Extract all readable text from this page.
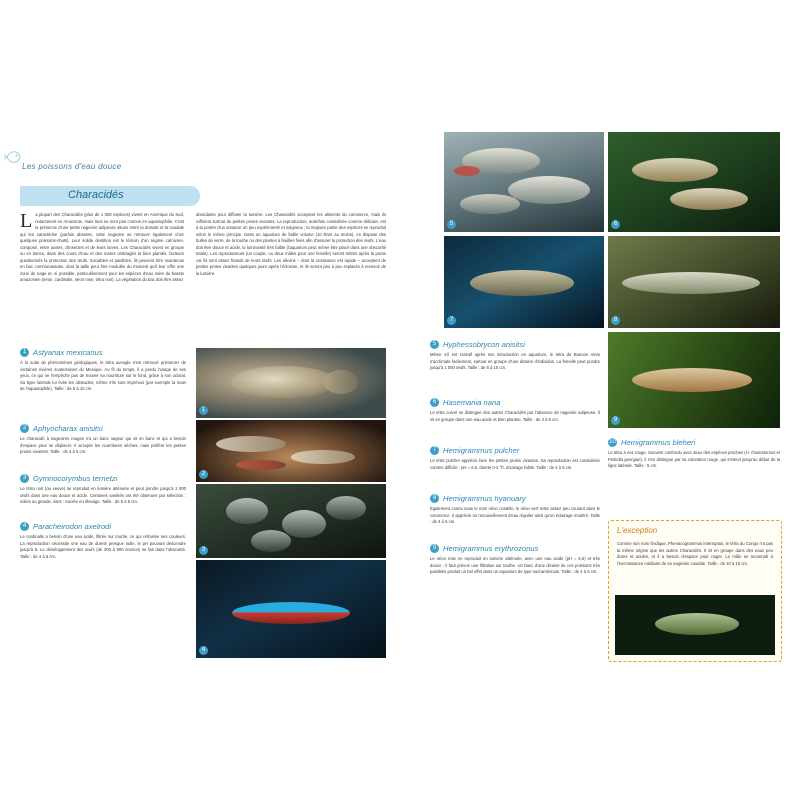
Les poissons d'eau douce
Characidés
L a plupart des Characidés (plus de 1 000 espèces) vivent en Amérique du Sud, notamment en Amazonie, mais tous ne sont pas connus en aquariophilie. C'est la présence d'une petite nageoire adipeuse située entre la dorsale et la caudale qui les caractérise (parfois absente, cette nageoire se retrouve également chez quelques poissons-chats). Leur solide dentition est le témoin d'un régime carnivore, composé, entre autres, d'insectes et de leurs larves. Les Characidés vivent en groupe ou en bancs, dans des cours d'eau et des mares ombragés et bien plantés, facteurs questionnés la protection des œufs. Sociables et paisibles, ils peuvent être maintenus en bac communautaire, dont la taille peut être modulée du moment qu'il leur offre une zone de nage et, si possible, particulièrement pour les espèces d'eau noire du bassin amazonien (néon, cardinalis, néon rose, tétra noir). La végétation du bac doit être assez
abondante pour diffuser la lumière. Les Characidés acceptent les aliments du commerce, mais ils raffolent surtout de petites proies vivantes. La reproduction, autrefois considérée comme délicate, est à la portée d'un amateur un peu expérimenté et soigneux ; la majeure partie des espèces se reproduit selon le même principe. Dans un aquarium de faible volume (10 litres au moins), en dispose des bulles de verre, de la tourbe ou des plantes à feuilles fines afin d'assurer la protection des œufs. L'eau doit être douce et acide, la luminosité très faible (l'aquarium peut même être placé dans une obscurité totale). Les reproducteurs (un couple, ou deux mâles pour une femelle) seront retirés après la ponte car ils sont assez friands de leurs œufs. Les alevins – dont la croissance est rapide – acceptent de petites proies vivantes quelques jours après l'éclosion, et ils seront peu à peu replacés à recevoir de la lumière.
1 Astyanax mexicanus
À la suite de phénomènes géologiques, le tétra aveugle s'est retrouvé prisonnier de certaines rivières souterraines du Mexique. Au fil du temps, il a perdu l'usage de ses yeux, ce qui ne l'empêche pas de trouver sa nourriture sur le fond, grâce à son odorat. Sa ligne latérale lui évite les obstacles, même s'ils sont imprévus (par exemple la main de l'aquariophile). Taille : de 8 à 10 cm.
2 Aphyocharax anisitsi
Le characidé à nageoires rouges n'a un banc nageur qui vit en banc et qui a besoin d'espace pour se déplacer. Il accepte les nourritures sèches, mais préfère les petites proies vivantes. Taille : de 4 à 5 cm.
3 Gymnocorymbus ternetzi
Le tétra noir (ou veuve) se reproduit en lumière atténuée et peut pondre jusqu'à 1 000 œufs dans une eau douce et acide. Certaines variétés ont été obtenues par sélection : voiles ou grande, sites : nacrée en élevage. Taille : de 5 à 6 cm.
4 Paracheirodon axelrodi
Le cardinalis a besoin d'une eau acide, filtrée sur tourbe, ce qui refrasine ses couleurs. La reproduction nécessite une eau de dureté presque nulle, le pH pouvant descendre jusqu'à 5. Le développement des œufs (de 300 à 500 environ) se fait dans l'obscurité. Taille : de 4 à 5 cm.
1
2
3
4
5	6
7	8
9
5 Hyphessobrycon anisitsi
Même s'il est craintif après son introduction en aquarium, le tétra de Buenos Aires s'acclimate facilement, surtout en groupe d'une dizaine d'individus. La femelle peut pondre jusqu'à 1 000 œufs. Taille : de 6 à 10 cm.
6 Hasemania nana
Le tétra cuivré se distingue des autres Characidés par l'absence de nageoire adipeuse. Il vit en groupe dans une eau acide et bien plantée. Taille : de 4 à 5 cm.
7 Hemigrammus pulcher
Le tétra pulcher apprécie bien les petites proies vivantes. Sa reproduction est considérée comme difficile : pH = 6,5, dureté 0-2 °fr, éclairage faible. Taille : de 4 à 5 cm.
8 Hemigrammus hyanuary
Également connu sous le nom néon costello, le néon vert reste assez peu courant dans le commerce. Il apprécie un renouvellement d'eau régulier ainsi qu'un éclairage modéré. Taille : de 4 à 5 cm.
9 Hemigrammus erythrozonus
Le néon rose ne reproduit en lumière atténuée, avec une eau acide (pH = 6,5) et très douce ; il faut prévoir une filtration sur tourbe. Un banc d'une dizaine de ces poissons très paisibles produit un bel effet dans un aquarium de type sud-américain. Taille : de 4 à 5 cm.
10 Hemigrammus bleheri
Le tétra à nez rouge. Souvent confondu avec deux des espèces proches (H. rhodostomus et Petitella georgiae), il s'en distingue par sa coloration rouge, qui s'étend jusqu'au début de la ligne latérale. Taille : 5 cm.
L'exception
Comme son nom l'indique, Phenacogrammus interruptus, le tétra du Congo n'a pas la même origine que les autres Characidés. Il vit en groupe dans des eaux peu dures et acides, et il a besoin d'espace pour nager. Le mâle se reconnaît à l'excroissance médiane de sa nageoire caudale. Taille : de 10 à 15 cm.
